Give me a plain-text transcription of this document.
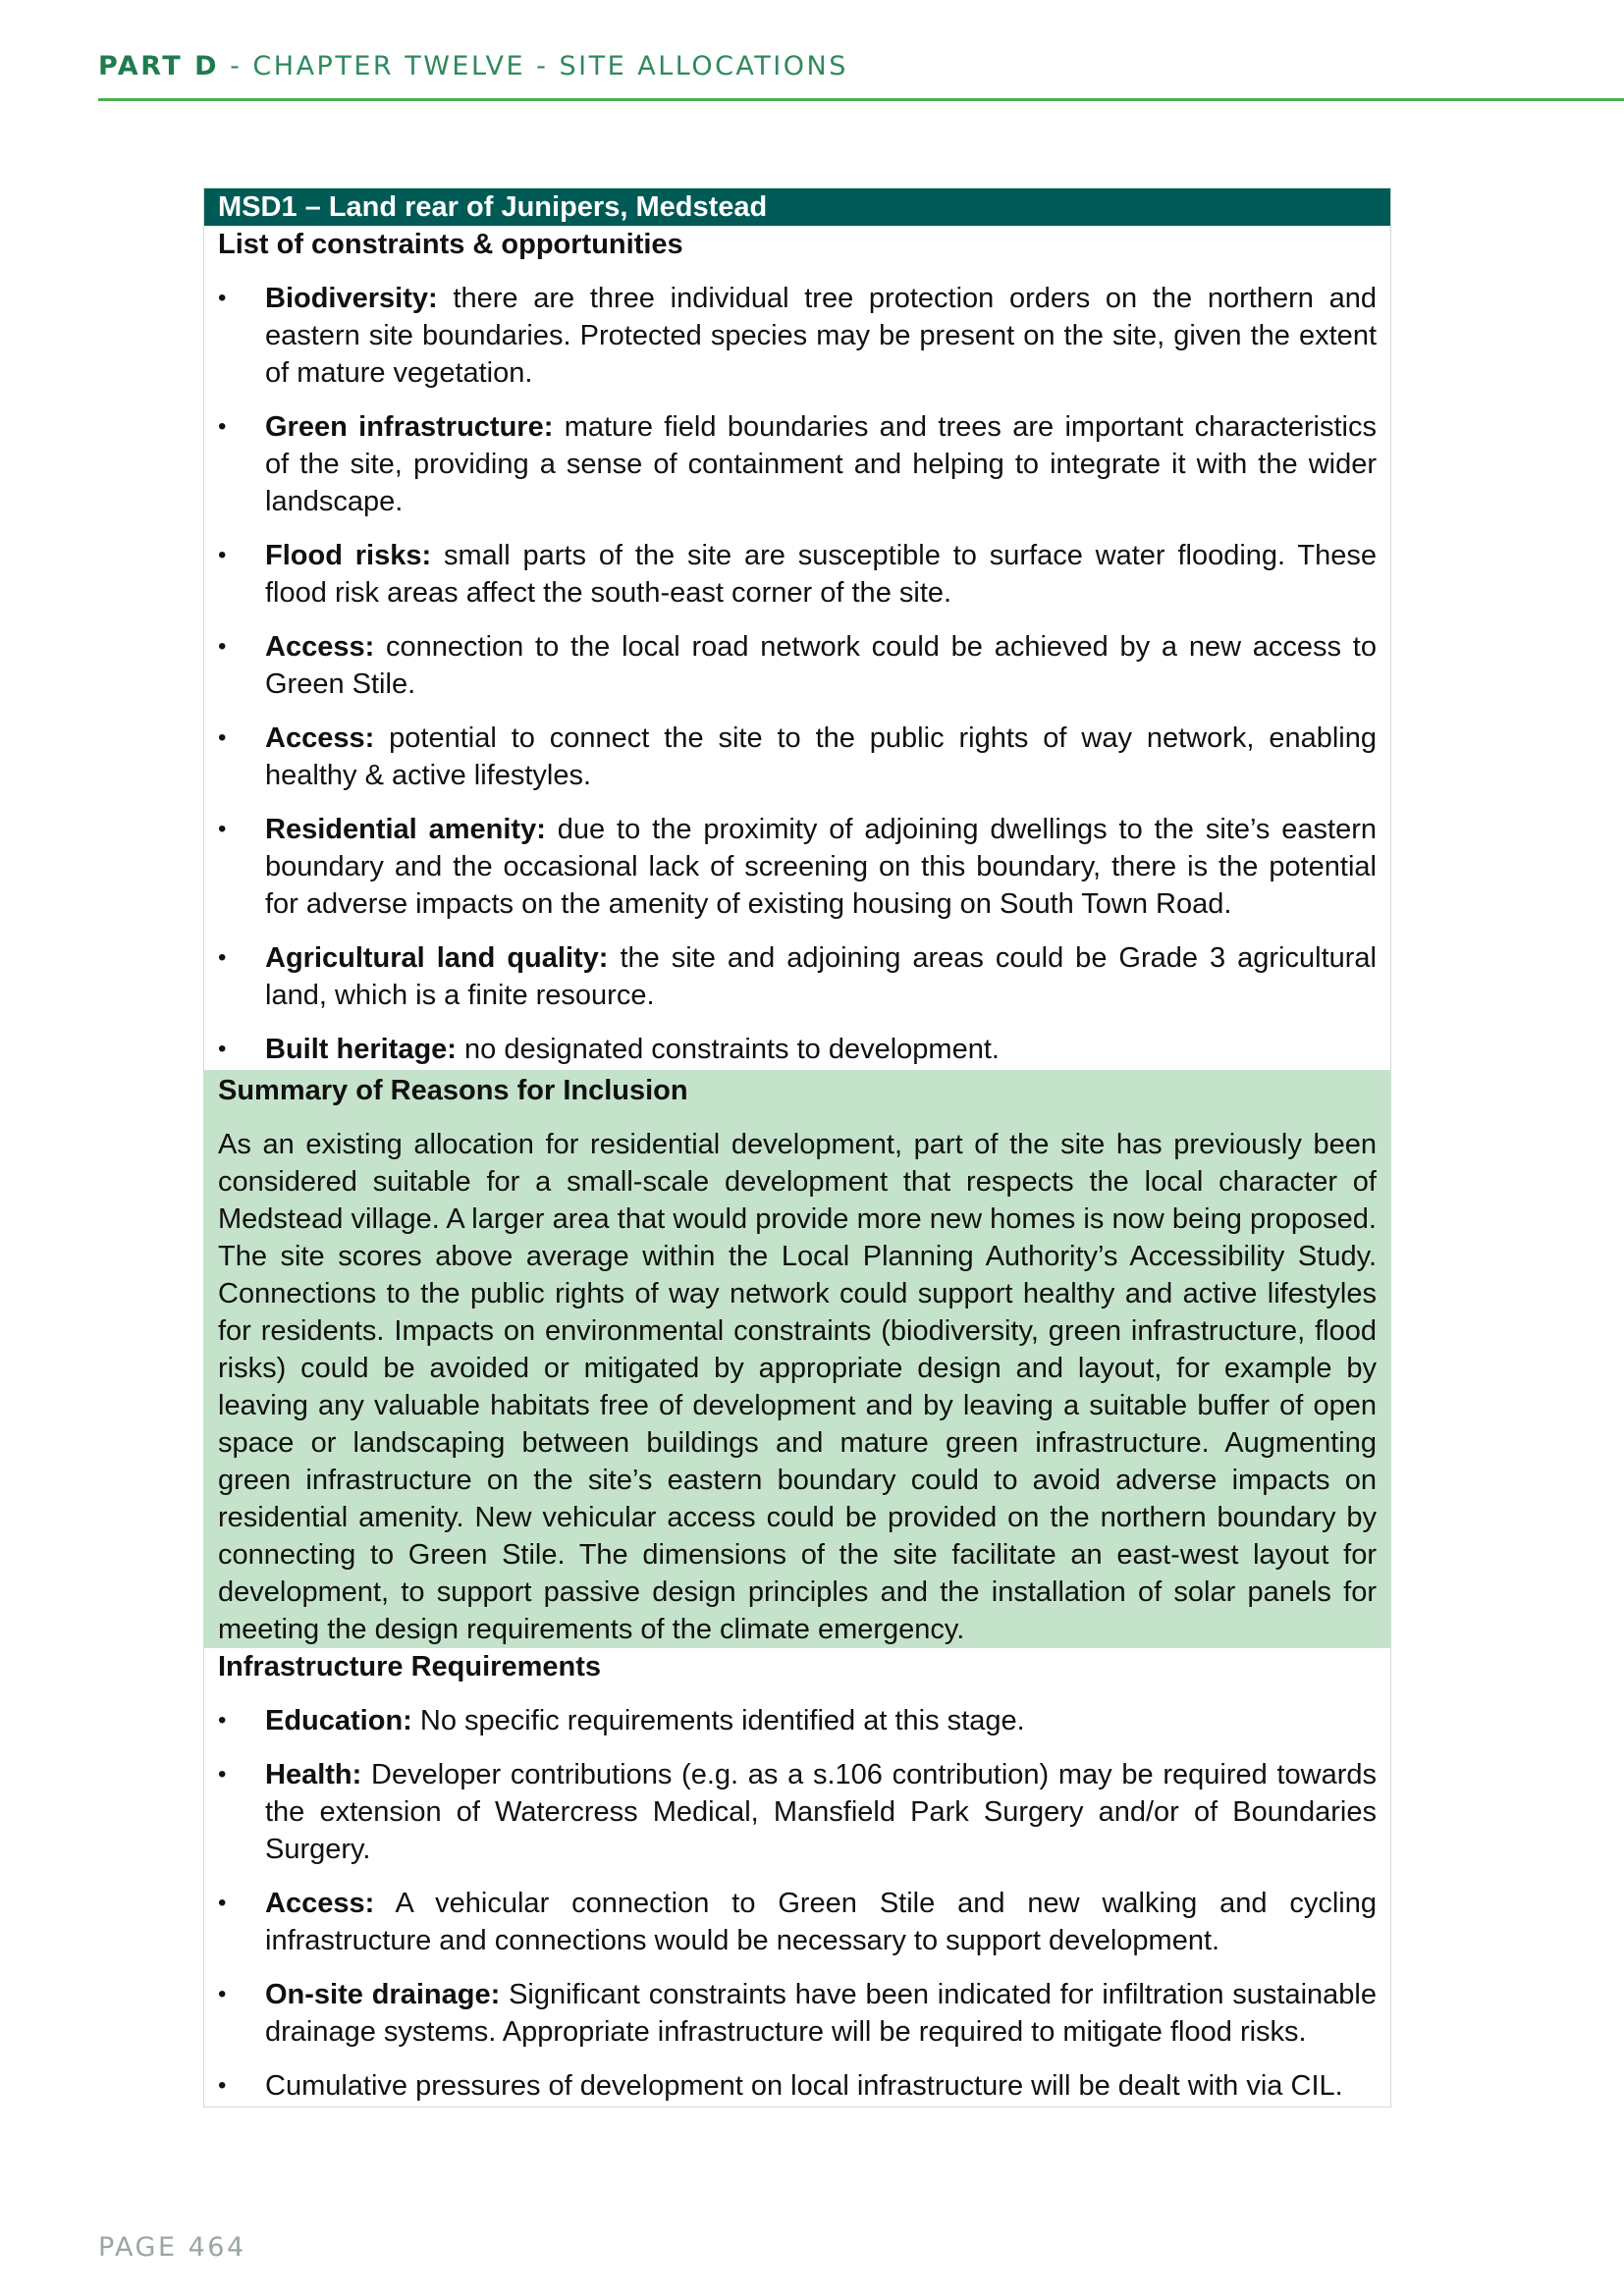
PART D - CHAPTER TWELVE - SITE ALLOCATIONS
MSD1 – Land rear of Junipers, Medstead
List of constraints & opportunities
•	Biodiversity: there are three individual tree protection orders on the northern and eastern site boundaries. Protected species may be present on the site, given the extent of mature vegetation.
•	Green infrastructure: mature field boundaries and trees are important characteristics of the site, providing a sense of containment and helping to integrate it with the wider landscape.
•	Flood risks: small parts of the site are susceptible to surface water flooding. These flood risk areas affect the south-east corner of the site.
•	Access: connection to the local road network could be achieved by a new access to Green Stile.
•	Access: potential to connect the site to the public rights of way network, enabling healthy & active lifestyles.
•	Residential amenity: due to the proximity of adjoining dwellings to the site’s eastern boundary and the occasional lack of screening on this boundary, there is the potential for adverse impacts on the amenity of existing housing on South Town Road.
•	Agricultural land quality: the site and adjoining areas could be Grade 3 agricultural land, which is a finite resource.
•	Built heritage: no designated constraints to development.
Summary of Reasons for Inclusion

As an existing allocation for residential development, part of the site has previously been considered suitable for a small-scale development that respects the local character of Medstead village. A larger area that would provide more new homes is now being proposed. The site scores above average within the Local Planning Authority’s Accessibility Study. Connections to the public rights of way network could support healthy and active lifestyles for residents. Impacts on environmental constraints (biodiversity, green infrastructure, flood risks) could be avoided or mitigated by appropriate design and layout, for example by leaving any valuable habitats free of development and by leaving a suitable buffer of open space or landscaping between buildings and mature green infrastructure. Augmenting green infrastructure on the site’s eastern boundary could to avoid adverse impacts on residential amenity. New vehicular access could be provided on the northern boundary by connecting to Green Stile. The dimensions of the site facilitate an east-west layout for development, to support passive design principles and the installation of solar panels for meeting the design requirements of the climate emergency.

Infrastructure Requirements
•	Education: No specific requirements identified at this stage.
•	Health: Developer contributions (e.g. as a s.106 contribution) may be required towards the extension of Watercress Medical, Mansfield Park Surgery and/or of Boundaries Surgery.
•	Access: A vehicular connection to Green Stile and new walking and cycling infrastructure and connections would be necessary to support development.
•	On-site drainage: Significant constraints have been indicated for infiltration sustainable drainage systems. Appropriate infrastructure will be required to mitigate flood risks.
•	Cumulative pressures of development on local infrastructure will be dealt with via CIL.
PAGE 464
